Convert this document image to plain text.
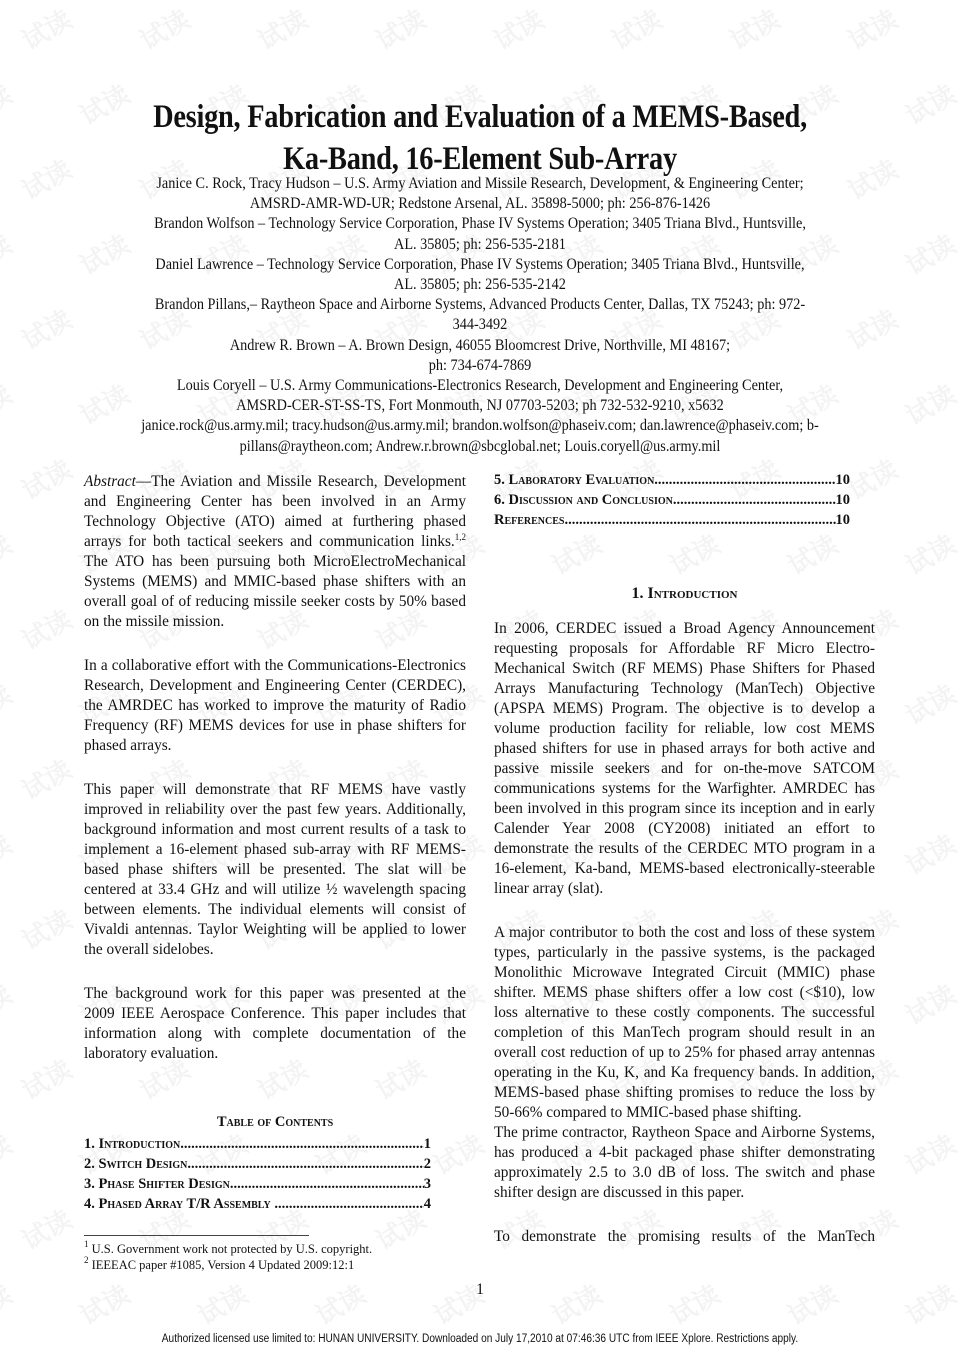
Design, Fabrication and Evaluation of a MEMS-Based,
Ka-Band, 16-Element Sub-Array
Janice C. Rock, Tracy Hudson – U.S. Army Aviation and Missile Research, Development, & Engineering Center;
AMSRD-AMR-WD-UR; Redstone Arsenal, AL. 35898-5000; ph: 256-876-1426
Brandon Wolfson – Technology Service Corporation, Phase IV Systems Operation; 3405 Triana Blvd., Huntsville,
AL. 35805; ph: 256-535-2181
Daniel Lawrence – Technology Service Corporation, Phase IV Systems Operation; 3405 Triana Blvd., Huntsville,
AL. 35805; ph: 256-535-2142
Brandon Pillans,– Raytheon Space and Airborne Systems, Advanced Products Center, Dallas, TX 75243; ph: 972-
344-3492
Andrew R. Brown – A. Brown Design, 46055 Bloomcrest Drive, Northville, MI 48167;
ph: 734-674-7869
Louis Coryell – U.S. Army Communications-Electronics Research, Development and Engineering Center,
AMSRD-CER-ST-SS-TS, Fort Monmouth, NJ 07703-5203; ph 732-532-9210, x5632
janice.rock@us.army.mil; tracy.hudson@us.army.mil; brandon.wolfson@phaseiv.com; dan.lawrence@phaseiv.com; b-
pillans@raytheon.com; Andrew.r.brown@sbcglobal.net; Louis.coryell@us.army.mil

Abstract—The Aviation and Missile Research, Development and Engineering Center has been involved in an Army Technology Objective (ATO) aimed at furthering phased arrays for both tactical seekers and communication links.$^{1,2}$ The ATO has been pursuing both MicroElectroMechanical Systems (MEMS) and MMIC-based phase shifters with an overall goal of of reducing missile seeker costs by 50% based on the missile mission.

In a collaborative effort with the Communications-Electronics Research, Development and Engineering Center (CERDEC), the AMRDEC has worked to improve the maturity of Radio Frequency (RF) MEMS devices for use in phase shifters for phased arrays.

This paper will demonstrate that RF MEMS have vastly improved in reliability over the past few years. Additionally, background information and most current results of a task to implement a 16-element phased sub-array with RF MEMS-based phase shifters will be presented. The slat will be centered at 33.4 GHz and will utilize ½ wavelength spacing between elements. The individual elements will consist of Vivaldi antennas. Taylor Weighting will be applied to lower the overall sidelobes.

The background work for this paper was presented at the 2009 IEEE Aerospace Conference. This paper includes that information along with complete documentation of the laboratory evaluation.

Table of Contents
1. Introduction .....	1
2. Switch Design .....	2
3. Phase Shifter Design .....	3
4. Phased Array T/R Assembly .....	4
$^1$ U.S. Government work not protected by U.S. copyright.
$^2$ IEEEAC paper #1085, Version 4 Updated 2009:12:1
5. Laboratory Evaluation .....	10
6. Discussion and Conclusion .....	10
References .....	10
1. Introduction

In 2006, CERDEC issued a Broad Agency Announcement requesting proposals for Affordable RF Micro Electro-Mechanical Switch (RF MEMS) Phase Shifters for Phased Arrays Manufacturing Technology (ManTech) Objective (APSPA MEMS) Program. The objective is to develop a volume production facility for reliable, low cost MEMS phased shifters for use in phased arrays for both active and passive missile seekers and for on-the-move SATCOM communications systems for the Warfighter. AMRDEC has been involved in this program since its inception and in early Calender Year 2008 (CY2008) initiated an effort to demonstrate the results of the CERDEC MTO program in a 16-element, Ka-band, MEMS-based electronically-steerable linear array (slat).

A major contributor to both the cost and loss of these system types, particularly in the passive systems, is the packaged Monolithic Microwave Integrated Circuit (MMIC) phase shifter. MEMS phase shifters offer a low cost (<$10), low loss alternative to these costly components. The successful completion of this ManTech program should result in an overall cost reduction of up to 25% for phased array antennas operating in the Ku, K, and Ka frequency bands. In addition, MEMS-based phase shifting promises to reduce the loss by 50-66% compared to MMIC-based phase shifting.

The prime contractor, Raytheon Space and Airborne Systems, has produced a 4-bit packaged phase shifter demonstrating approximately 2.5 to 3.0 dB of loss. The switch and phase shifter design are discussed in this paper.

To demonstrate the promising results of the ManTech

1
Authorized licensed use limited to: HUNAN UNIVERSITY. Downloaded on July 17,2010 at 07:46:36 UTC from IEEE Xplore. Restrictions apply.
